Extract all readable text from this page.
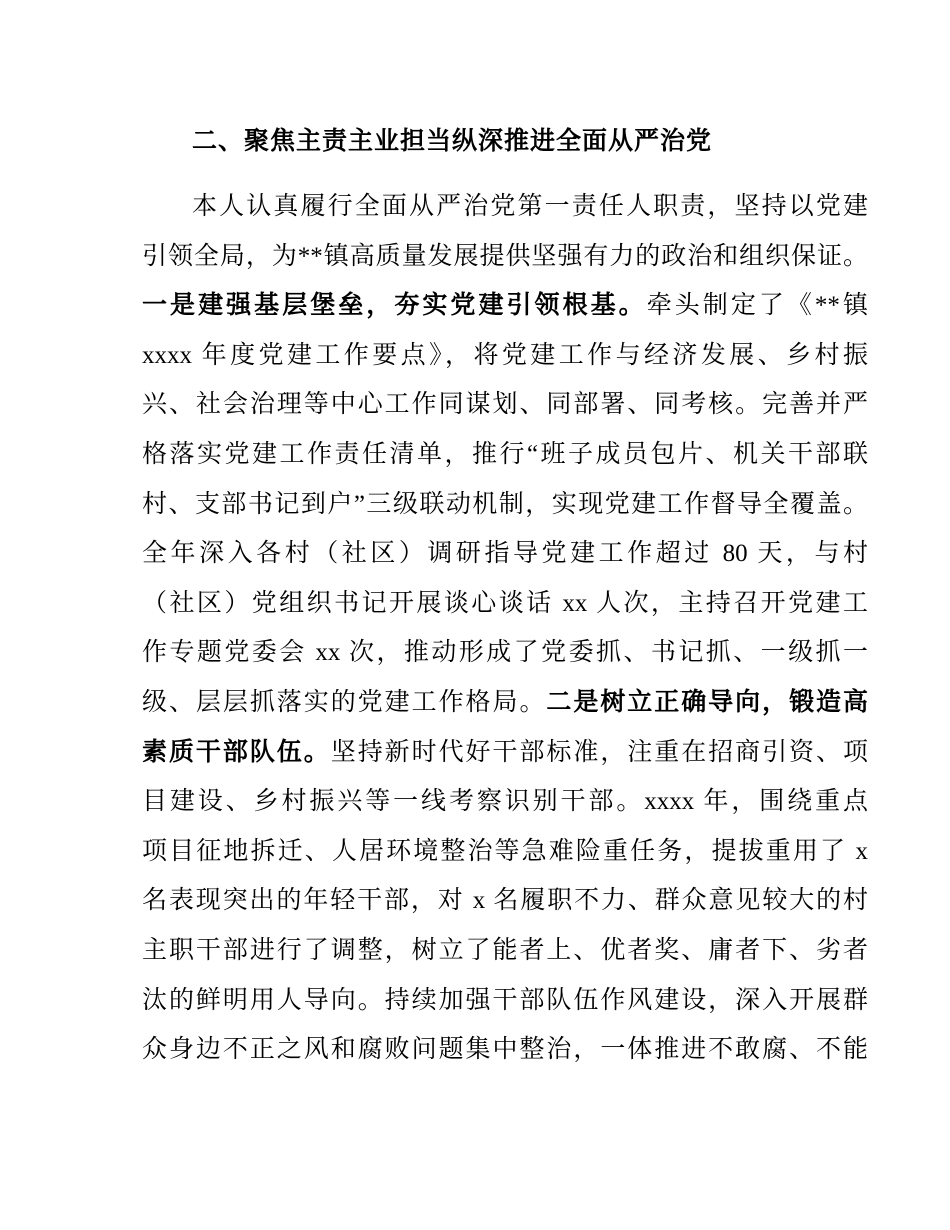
二、聚焦主责主业担当纵深推进全面从严治党
本人认真履行全面从严治党第一责任人职责，坚持以党建
引领全局，为**镇高质量发展提供坚强有力的政治和组织保证。
一是建强基层堡垒，夯实党建引领根基。牵头制定了《**镇
xxxx 年度党建工作要点》，将党建工作与经济发展、乡村振
兴、社会治理等中心工作同谋划、同部署、同考核。完善并严
格落实党建工作责任清单，推行“班子成员包片、机关干部联
村、支部书记到户”三级联动机制，实现党建工作督导全覆盖。
全年深入各村（社区）调研指导党建工作超过 80 天，与村
（社区）党组织书记开展谈心谈话 xx 人次，主持召开党建工
作专题党委会 xx 次，推动形成了党委抓、书记抓、一级抓一
级、层层抓落实的党建工作格局。二是树立正确导向，锻造高
素质干部队伍。坚持新时代好干部标准，注重在招商引资、项
目建设、乡村振兴等一线考察识别干部。xxxx 年，围绕重点
项目征地拆迁、人居环境整治等急难险重任务，提拔重用了 x
名表现突出的年轻干部，对 x 名履职不力、群众意见较大的村
主职干部进行了调整，树立了能者上、优者奖、庸者下、劣者
汰的鲜明用人导向。持续加强干部队伍作风建设，深入开展群
众身边不正之风和腐败问题集中整治，一体推进不敢腐、不能
